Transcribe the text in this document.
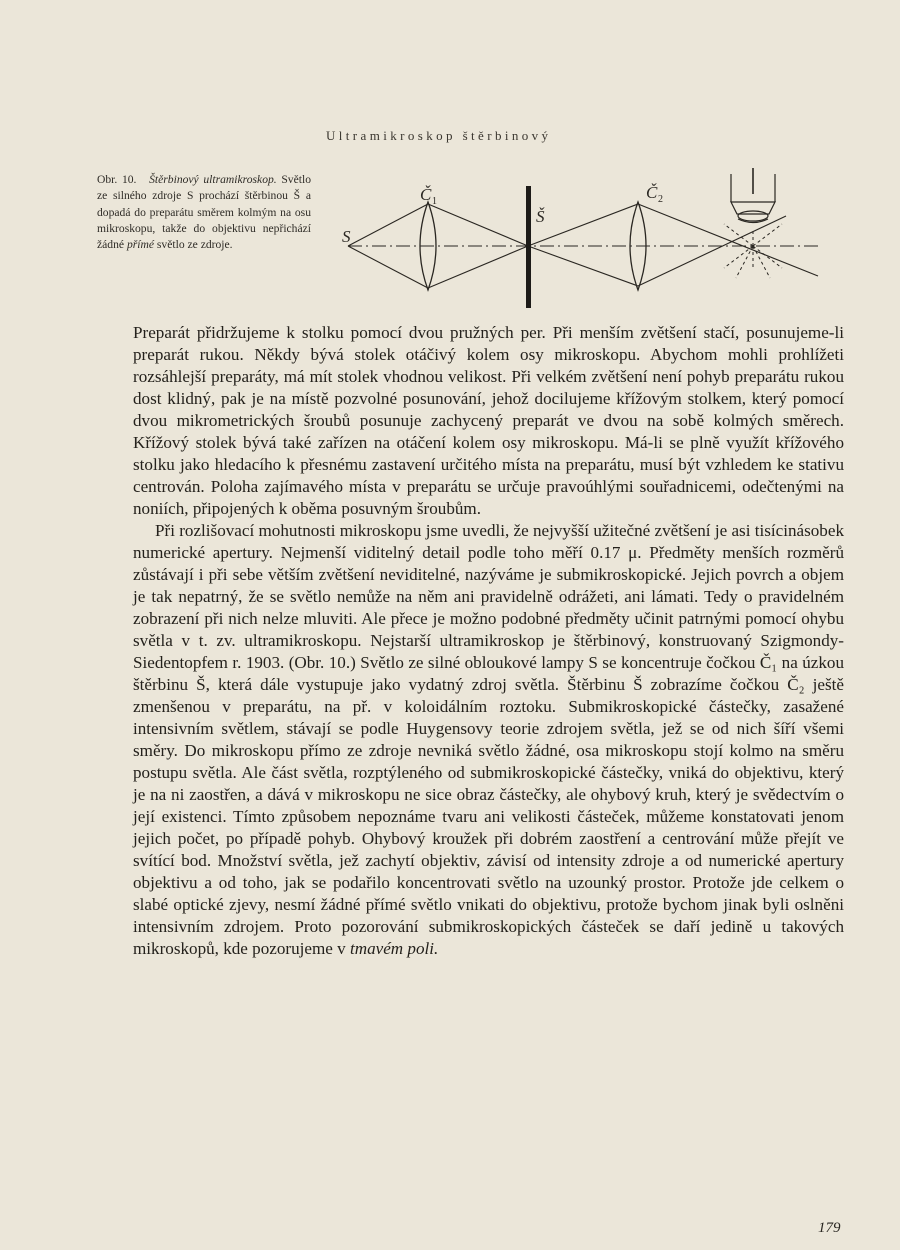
Ultramikroskop štěrbinový
Obr. 10. Štěrbinový ultramikroskop. Světlo ze silného zdroje S prochází štěrbinou Š a dopadá do preparátu směrem kolmým na osu mikroskopu, takže do objektivu nepřichází žádné přímé světlo ze zdroje.	S
Č 1
Š
Č 2

Preparát přidržujeme k stolku pomocí dvou pružných per. Při menším zvětšení stačí, posunujeme-li preparát rukou. Někdy bývá stolek otáčivý kolem osy mikroskopu. Abychom mohli prohlížeti rozsáhlejší preparáty, má mít stolek vhodnou velikost. Při velkém zvětšení není pohyb preparátu rukou dost klidný, pak je na místě pozvolné posunování, jehož docilujeme křížovým stolkem, který pomocí dvou mikrometrických šroubů posunuje zachycený preparát ve dvou na sobě kolmých směrech. Křížový stolek bývá také zařízen na otáčení kolem osy mikroskopu. Má-li se plně využít křížového stolku jako hledacího k přesnému zastavení určitého místa na preparátu, musí být vzhledem ke stativu centrován. Poloha zajímavého místa v preparátu se určuje pravoúhlými souřadnicemi, odečtenými na noniích, připojených k oběma posuvným šroubům.

Při rozlišovací mohutnosti mikroskopu jsme uvedli, že nejvyšší užitečné zvětšení je asi tisícinásobek numerické apertury. Nejmenší viditelný detail podle toho měří 0.17 μ. Předměty menších rozměrů zůstávají i při sebe větším zvětšení neviditelné, nazýváme je submikroskopické. Jejich povrch a objem je tak nepatrný, že se světlo nemůže na něm ani pravidelně odrážeti, ani lámati. Tedy o pravidelném zobrazení při nich nelze mluviti. Ale přece je možno podobné předměty učinit patrnými pomocí ohybu světla v t. zv. ultramikroskopu. Nejstarší ultramikroskop je štěrbinový, konstruovaný Szigmondy-Siedentopfem r. 1903. (Obr. 10.) Světlo ze silné obloukové lampy S se koncentruje čočkou Č₁ na úzkou štěrbinu Š, která dále vystupuje jako vydatný zdroj světla. Štěrbinu Š zobrazíme čočkou Č₂ ještě zmenšenou v preparátu, na př. v koloidálním roztoku. Submikroskopické částečky, zasažené intensivním světlem, stávají se podle Huygensovy teorie zdrojem světla, jež se od nich šíří všemi směry. Do mikroskopu přímo ze zdroje nevniká světlo žádné, osa mikroskopu stojí kolmo na směru postupu světla. Ale část světla, rozptýleného od submikroskopické částečky, vniká do objektivu, který je na ni zaostřen, a dává v mikroskopu ne sice obraz částečky, ale ohybový kruh, který je svědectvím o její existenci. Tímto způsobem nepoznáme tvaru ani velikosti částeček, můžeme konstatovati jenom jejich počet, po případě pohyb. Ohybový kroužek při dobrém zaostření a centrování může přejít ve svítící bod. Množství světla, jež zachytí objektiv, závisí od intensity zdroje a od numerické apertury objektivu a od toho, jak se podařilo koncentrovati světlo na uzounký prostor. Protože jde celkem o slabé optické zjevy, nesmí žádné přímé světlo vnikati do objektivu, protože bychom jinak byli oslněni intensivním zdrojem. Proto pozorování submikroskopických částeček se daří jedině u takových mikroskopů, kde pozorujeme v tmavém poli.

179
